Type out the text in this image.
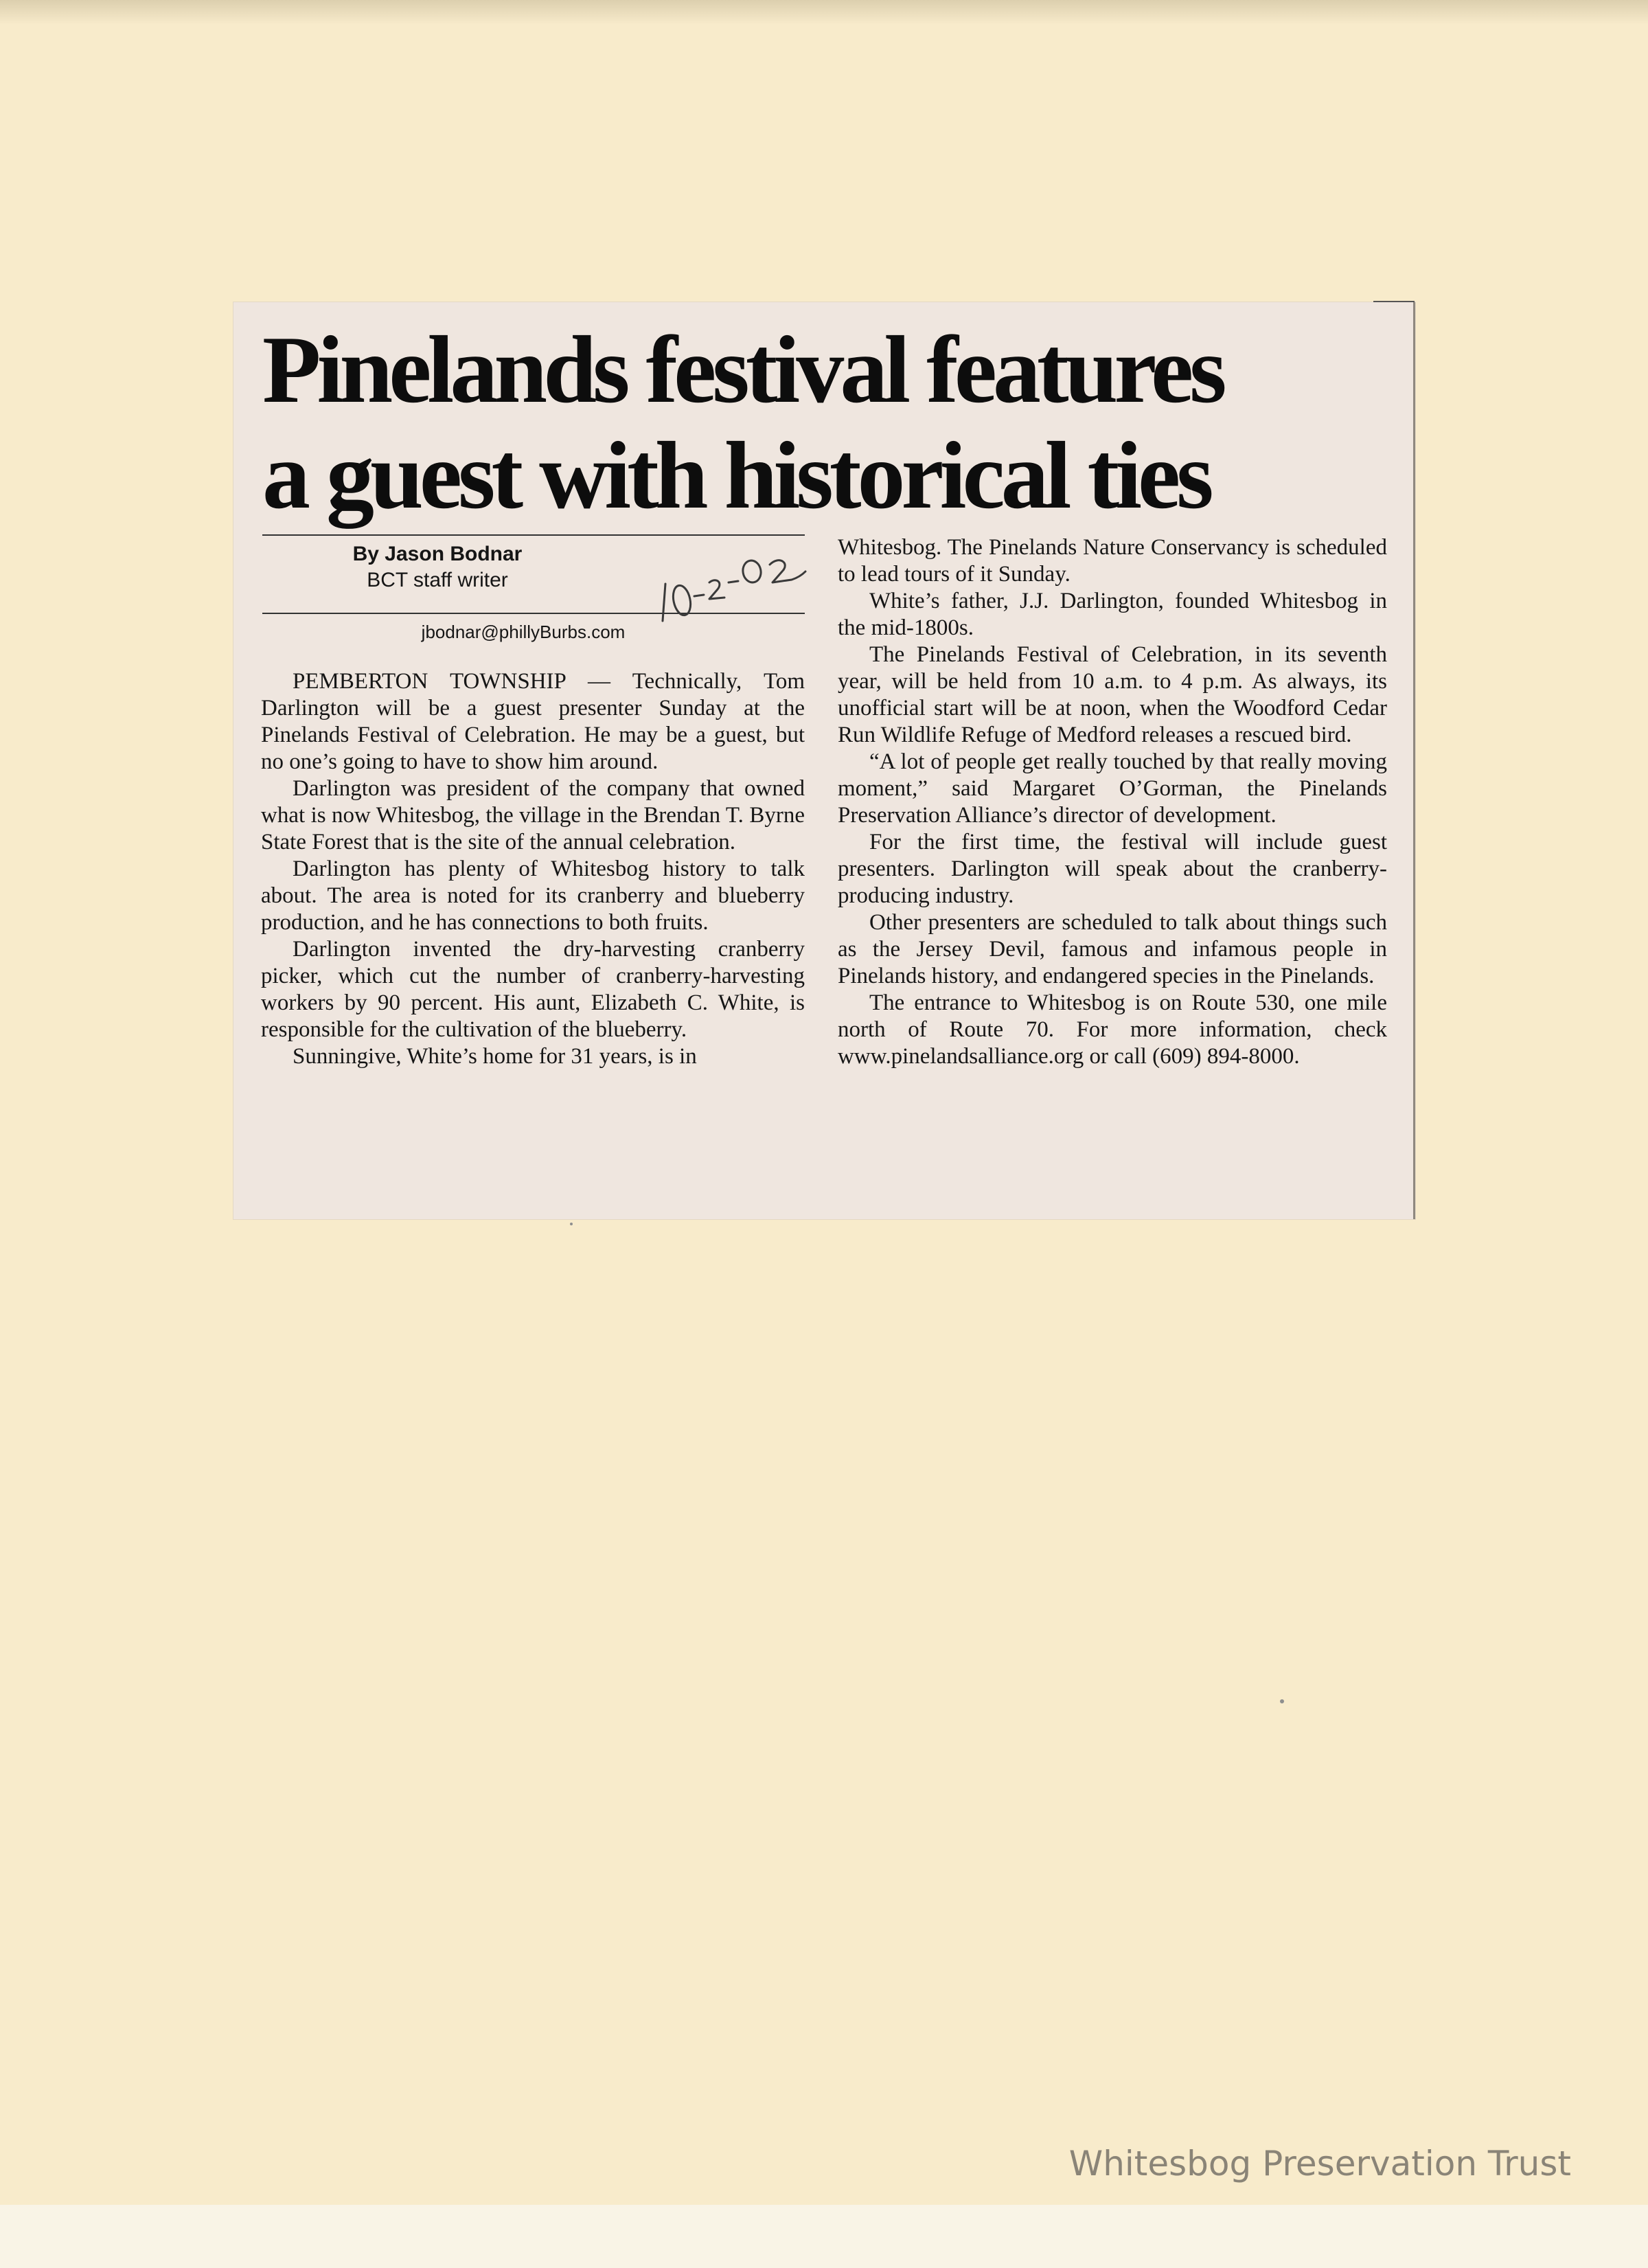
Pinelands festival features
a guest with historical ties
By Jason Bodnar
BCT staff writer
jbodnar@phillyBurbs.com

PEMBERTON TOWNSHIP — Technically, Tom Darlington will be a guest presenter Sunday at the Pinelands Festival of Celebration. He may be a guest, but no one’s going to have to show him around.

Darlington was president of the company that owned what is now Whitesbog, the village in the Brendan T. Byrne State Forest that is the site of the annual celebration.

Darlington has plenty of Whitesbog history to talk about. The area is noted for its cranberry and blueberry production, and he has connections to both fruits.

Darlington invented the dry-harvesting cranberry picker, which cut the number of cranberry-harvesting workers by 90 percent. His aunt, Elizabeth C. White, is responsible for the cultivation of the blueberry.

Sunningive, White’s home for 31 years, is in

Whitesbog. The Pinelands Nature Conservancy is scheduled to lead tours of it Sunday.

White’s father, J.J. Darlington, founded Whitesbog in the mid-1800s.

The Pinelands Festival of Celebration, in its seventh year, will be held from 10 a.m. to 4 p.m. As always, its unofficial start will be at noon, when the Woodford Cedar Run Wildlife Refuge of Medford releases a rescued bird.

“A lot of people get really touched by that really moving moment,” said Margaret O’Gorman, the Pinelands Preservation Alliance’s director of development.

For the first time, the festival will include guest presenters. Darlington will speak about the cranberry-producing industry.

Other presenters are scheduled to talk about things such as the Jersey Devil, famous and infamous people in Pinelands history, and endangered species in the Pinelands.

The entrance to Whitesbog is on Route 530, one mile north of Route 70. For more information, check www.pinelandsalliance.org or call (609) 894-8000.

Whitesbog Preservation Trust
